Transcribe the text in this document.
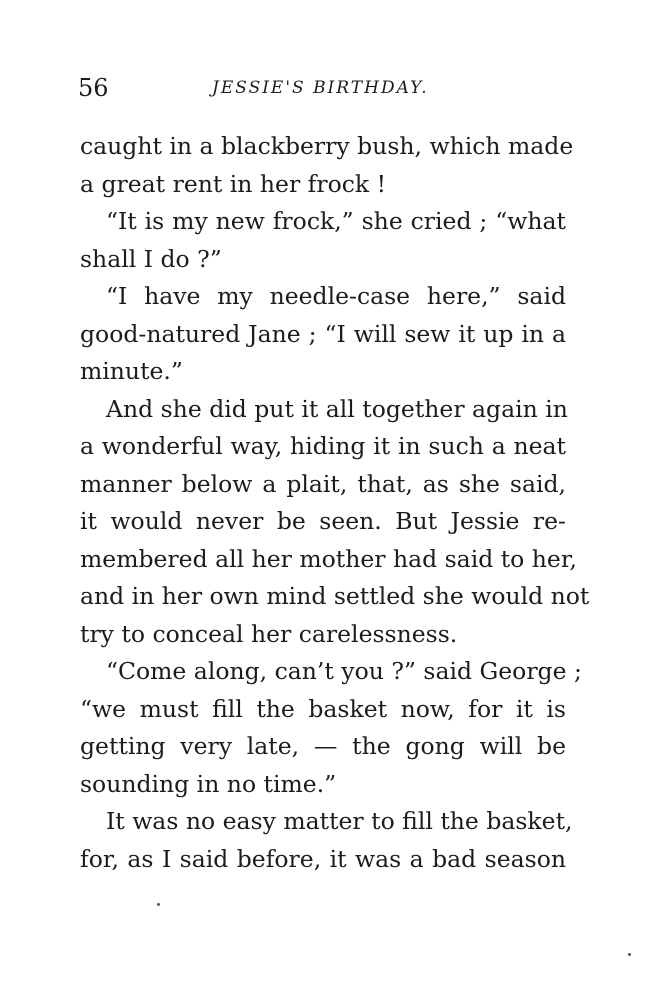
56	JESSIE'S BIRTHDAY.
caught in a blackberry bush, which made
a great rent in her frock !
“It is my new frock,” she cried ; “what
shall I do ?”
“I have my needle-case here,” said
good-natured Jane ; “I will sew it up in a
minute.”
And she did put it all together again in
a wonderful way, hiding it in such a neat
manner below a plait, that, as she said,
it would never be seen. But Jessie re-
membered all her mother had said to her,
and in her own mind settled she would not
try to conceal her carelessness.
“Come along, can’t you ?” said George ;
“we must fill the basket now, for it is
getting very late, — the gong will be
sounding in no time.”
It was no easy matter to fill the basket,
for, as I said before, it was a bad season
